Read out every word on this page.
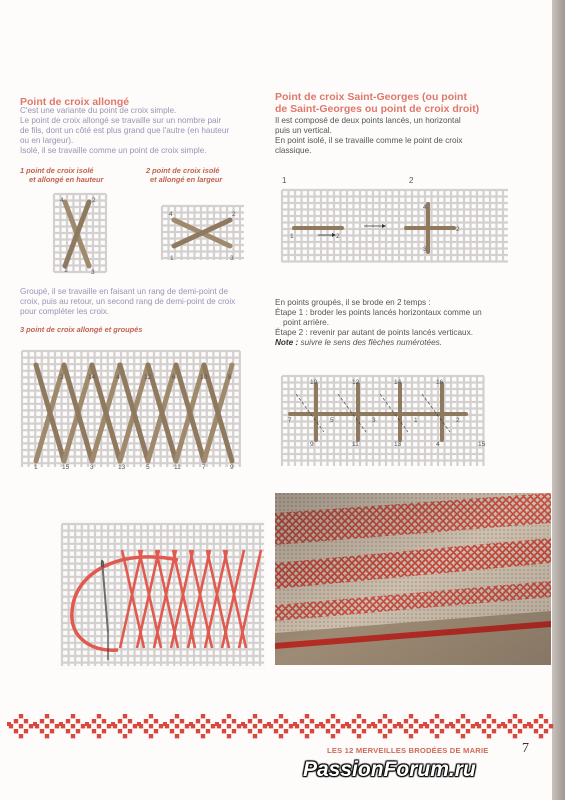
Point de croix allongé
C'est une variante du point de croix simple.
Le point de croix allongé se travaille sur un nombre pair
de fils, dont un côté est plus grand que l'autre (en hauteur
ou en largeur).
Isolé, il se travaille comme un point de croix simple.
1 point de croix isolé
et allongé en hauteur
2 point de croix isolé
et allongé en largeur
4	2
1	3
4	2
1	3
Groupé, il se travaille en faisant un rang de demi-point de
croix, puis au retour, un second rang de demi-point de croix
pour compléter les croix.
3 point de croix allongé et groupés
2	14	4	12	6	10	8
1	15	3	13	5	11	7	9
Point de croix Saint-Georges (ou point
de Saint-Georges ou point de croix droit)
Il est composé de deux points lancés, un horizontal
puis un vertical.
En point isolé, il se travaille comme le point de croix
classique.
1	2
1	2
4
3
2
En points groupés, il se brode en 2 temps :
Étape 1 : broder les points lancés horizontaux comme un
point arrière.
Étape 2 : revenir par autant de points lancés verticaux.
Note : suivre le sens des flèches numérotées.
10	12	14	16
7	5	3	1	2
9	11	13	4	15
LES 12 MERVEILLES BRODÉES DE MARIE 7
PassionForum.ru
